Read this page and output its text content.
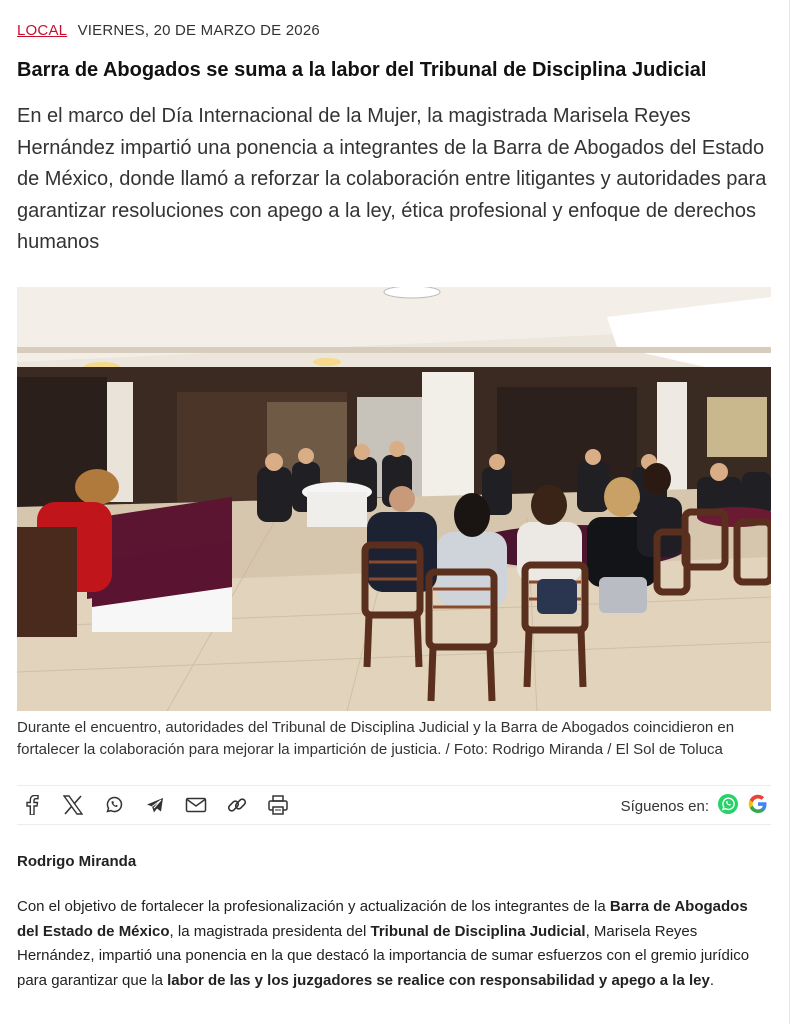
LOCAL VIERNES, 20 DE MARZO DE 2026
Barra de Abogados se suma a la labor del Tribunal de Disciplina Judicial

En el marco del Día Internacional de la Mujer, la magistrada Marisela Reyes Hernández impartió una ponencia a integrantes de la Barra de Abogados del Estado de México, donde llamó a reforzar la colaboración entre litigantes y autoridades para garantizar resoluciones con apego a la ley, ética profesional y enfoque de derechos humanos

Durante el encuentro, autoridades del Tribunal de Disciplina Judicial y la Barra de Abogados coincidieron en fortalecer la colaboración para mejorar la impartición de justicia. / Foto: Rodrigo Miranda / El Sol de Toluca

Síguenos en:
Rodrigo Miranda

Con el objetivo de fortalecer la profesionalización y actualización de los integrantes de la Barra de Abogados del Estado de México, la magistrada presidenta del Tribunal de Disciplina Judicial, Marisela Reyes Hernández, impartió una ponencia en la que destacó la importancia de sumar esfuerzos con el gremio jurídico para garantizar que la labor de las y los juzgadores se realice con responsabilidad y apego a la ley.
